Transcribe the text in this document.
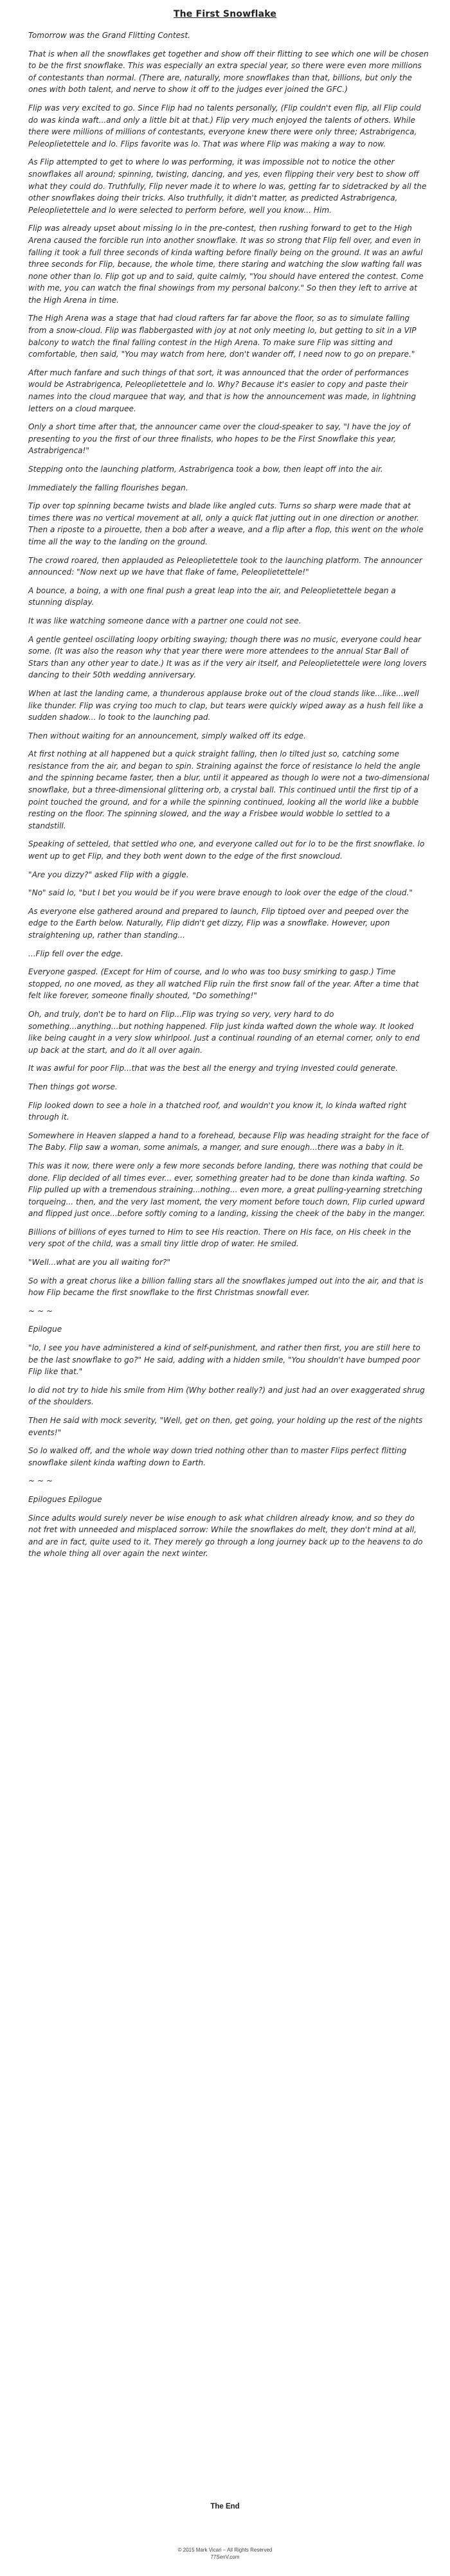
The First Snowflake

Tomorrow was the Grand Flitting Contest.

That is when all the snowflakes get together and show off their flitting to see which one will be chosen to be the first snowflake. This was especially an extra special year, so there were even more millions of contestants than normal. (There are, naturally, more snowflakes than that, billions, but only the ones with both talent, and nerve to show it off to the judges ever joined the GFC.)

Flip was very excited to go. Since Flip had no talents personally, (Flip couldn't even flip, all Flip could do was kinda waft...and only a little bit at that.) Flip very much enjoyed the talents of others. While there were millions of millions of contestants, everyone knew there were only three; Astrabrigenca, Peleoplietettele and lo. Flips favorite was lo. That was where Flip was making a way to now.

As Flip attempted to get to where lo was performing, it was impossible not to notice the other snowflakes all around; spinning, twisting, dancing, and yes, even flipping their very best to show off what they could do. Truthfully, Flip never made it to where lo was, getting far to sidetracked by all the other snowflakes doing their tricks. Also truthfully, it didn't matter, as predicted Astrabrigenca, Peleoplietettele and lo were selected to perform before, well you know... Him.

Flip was already upset about missing lo in the pre-contest, then rushing forward to get to the High Arena caused the forcible run into another snowflake. It was so strong that Flip fell over, and even in falling it took a full three seconds of kinda wafting before finally being on the ground. It was an awful three seconds for Flip, because, the whole time, there staring and watching the slow wafting fall was none other than lo. Flip got up and to said, quite calmly, "You should have entered the contest. Come with me, you can watch the final showings from my personal balcony." So then they left to arrive at the High Arena in time.

The High Arena was a stage that had cloud rafters far far above the floor, so as to simulate falling from a snow-cloud. Flip was flabbergasted with joy at not only meeting lo, but getting to sit in a VIP balcony to watch the final falling contest in the High Arena. To make sure Flip was sitting and comfortable, then said, "You may watch from here, don't wander off, I need now to go on prepare."

After much fanfare and such things of that sort, it was announced that the order of performances would be Astrabrigenca, Peleoplietettele and lo. Why? Because it's easier to copy and paste their names into the cloud marquee that way, and that is how the announcement was made, in lightning letters on a cloud marquee.

Only a short time after that, the announcer came over the cloud-speaker to say, "I have the joy of presenting to you the first of our three finalists, who hopes to be the First Snowflake this year, Astrabrigenca!"

Stepping onto the launching platform, Astrabrigenca took a bow, then leapt off into the air.

Immediately the falling flourishes began.

Tip over top spinning became twists and blade like angled cuts. Turns so sharp were made that at times there was no vertical movement at all, only a quick flat jutting out in one direction or another. Then a riposte to a pirouette, then a bob after a weave, and a flip after a flop, this went on the whole time all the way to the landing on the ground.

The crowd roared, then applauded as Peleoplietettele took to the launching platform. The announcer announced: "Now next up we have that flake of fame, Peleoplietettele!"

A bounce, a boing, a with one final push a great leap into the air, and Peleoplietettele began a stunning display.

It was like watching someone dance with a partner one could not see.

A gentle genteel oscillating loopy orbiting swaying; though there was no music, everyone could hear some. (It was also the reason why that year there were more attendees to the annual Star Ball of Stars than any other year to date.) It was as if the very air itself, and Peleoplietettele were long lovers dancing to their 50th wedding anniversary.

When at last the landing came, a thunderous applause broke out of the cloud stands like...like...well like thunder. Flip was crying too much to clap, but tears were quickly wiped away as a hush fell like a sudden shadow... lo took to the launching pad.

Then without waiting for an announcement, simply walked off its edge.

At first nothing at all happened but a quick straight falling, then lo tilted just so, catching some resistance from the air, and began to spin. Straining against the force of resistance lo held the angle and the spinning became faster, then a blur, until it appeared as though lo were not a two-dimensional snowflake, but a three-dimensional glittering orb, a crystal ball. This continued until the first tip of a point touched the ground, and for a while the spinning continued, looking all the world like a bubble resting on the floor. The spinning slowed, and the way a Frisbee would wobble lo settled to a standstill.

Speaking of setteled, that settled who one, and everyone called out for lo to be the first snowflake. lo went up to get Flip, and they both went down to the edge of the first snowcloud.

"Are you dizzy?" asked Flip with a giggle.

"No" said lo, "but I bet you would be if you were brave enough to look over the edge of the cloud."

As everyone else gathered around and prepared to launch, Flip tiptoed over and peeped over the edge to the Earth below. Naturally, Flip didn't get dizzy, Flip was a snowflake. However, upon straightening up, rather than standing...

...Flip fell over the edge.

Everyone gasped. (Except for Him of course, and lo who was too busy smirking to gasp.) Time stopped, no one moved, as they all watched Flip ruin the first snow fall of the year. After a time that felt like forever, someone finally shouted, "Do something!"

Oh, and truly, don't be to hard on Flip...Flip was trying so very, very hard to do something...anything...but nothing happened. Flip just kinda wafted down the whole way. It looked like being caught in a very slow whirlpool. Just a continual rounding of an eternal corner, only to end up back at the start, and do it all over again.

It was awful for poor Flip...that was the best all the energy and trying invested could generate.

Then things got worse.

Flip looked down to see a hole in a thatched roof, and wouldn't you know it, lo kinda wafted right through it.

Somewhere in Heaven slapped a hand to a forehead, because Flip was heading straight for the face of The Baby. Flip saw a woman, some animals, a manger, and sure enough...there was a baby in it.

This was it now, there were only a few more seconds before landing, there was nothing that could be done. Flip decided of all times ever... ever, something greater had to be done than kinda wafting. So Flip pulled up with a tremendous straining...nothing... even more, a great pulling-yearning stretching torqueing... then, and the very last moment, the very moment before touch down, Flip curled upward and flipped just once...before softly coming to a landing, kissing the cheek of the baby in the manger.

Billions of billions of eyes turned to Him to see His reaction. There on His face, on His cheek in the very spot of the child, was a small tiny little drop of water. He smiled.

"Well...what are you all waiting for?"

So with a great chorus like a billion falling stars all the snowflakes jumped out into the air, and that is how Flip became the first snowflake to the first Christmas snowfall ever.

~ ~ ~

Epilogue

"lo, I see you have administered a kind of self-punishment, and rather then first, you are still here to be the last snowflake to go?" He said, adding with a hidden smile, "You shouldn't have bumped poor Flip like that."

lo did not try to hide his smile from Him (Why bother really?) and just had an over exaggerated shrug of the shoulders.

Then He said with mock severity, "Well, get on then, get going, your holding up the rest of the nights events!"

So lo walked off, and the whole way down tried nothing other than to master Flips perfect flitting snowflake silent kinda wafting down to Earth.

~ ~ ~

Epilogues Epilogue

Since adults would surely never be wise enough to ask what children already know, and so they do not fret with unneeded and misplaced sorrow: While the snowflakes do melt, they don't mind at all, and are in fact, quite used to it. They merely go through a long journey back up to the heavens to do the whole thing all over again the next winter.

The End
© 2015 Mark Vicari – All Rights Reserved
77SenV.com
